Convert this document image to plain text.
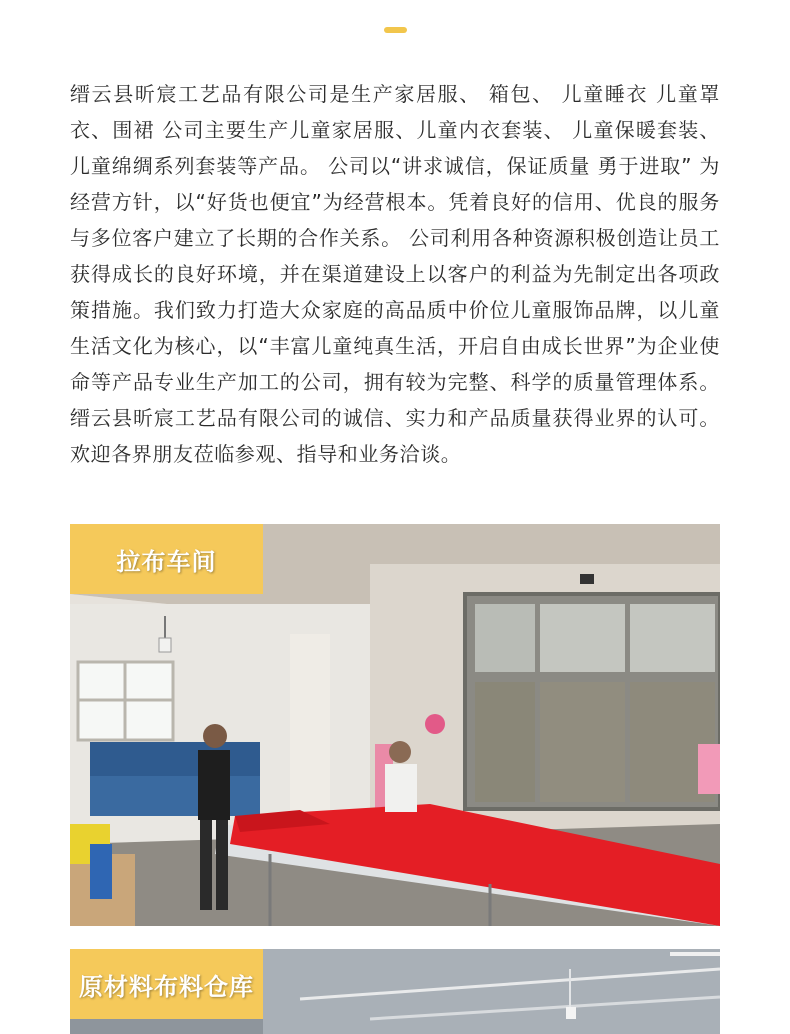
缙云县昕宸工艺品有限公司是生产家居服、 箱包、 儿童睡衣 儿童罩衣、围裙 公司主要生产儿童家居服、儿童内衣套装、 儿童保暖套装、 儿童绵绸系列套装等产品。 公司以“讲求诚信，保证质量 勇于进取” 为经营方针，以“好货也便宜”为经营根本。凭着良好的信用、优良的服务与多位客户建立了长期的合作关系。 公司利用各种资源积极创造让员工获得成长的良好环境，并在渠道建设上以客户的利益为先制定出各项政策措施。我们致力打造大众家庭的高品质中价位儿童服饰品牌，以儿童生活文化为核心，以“丰富儿童纯真生活，开启自由成长世界”为企业使命等产品专业生产加工的公司，拥有较为完整、科学的质量管理体系。缙云县昕宸工艺品有限公司的诚信、实力和产品质量获得业界的认可。欢迎各界朋友莅临参观、指导和业务洽谈。

拉布车间
原材料布料仓库
